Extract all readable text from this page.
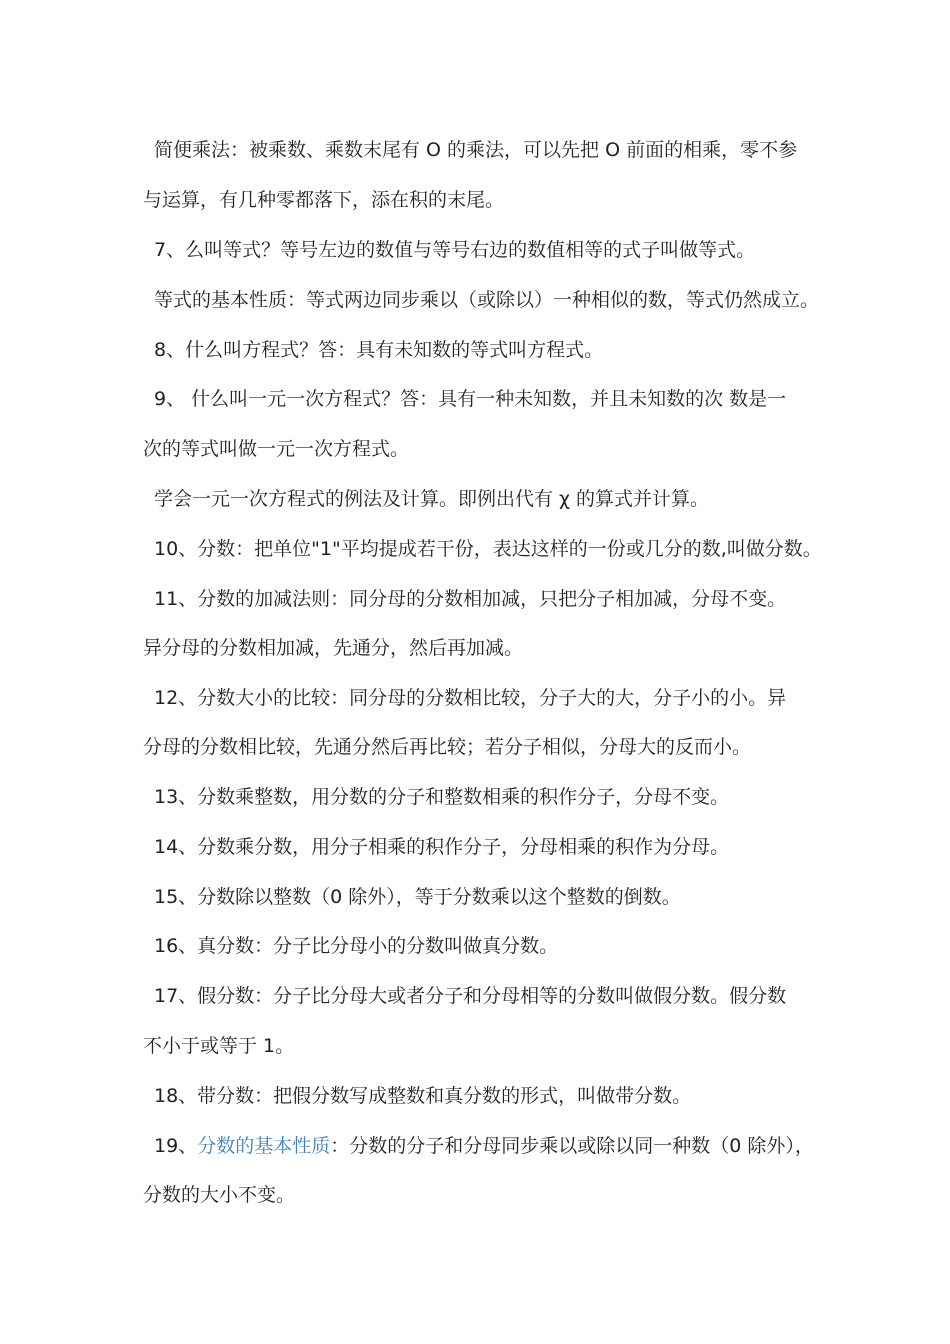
简便乘法：被乘数、乘数末尾有 O 的乘法，可以先把 O 前面的相乘，零不参
与运算，有几种零都落下，添在积的末尾。
7、么叫等式？等号左边的数值与等号右边的数值相等的式子叫做等式。
等式的基本性质：等式两边同步乘以（或除以）一种相似的数，等式仍然成立。
8、什么叫方程式？答：具有未知数的等式叫方程式。
9、 什么叫一元一次方程式？答：具有一种未知数，并且未知数的次 数是一
次的等式叫做一元一次方程式。
学会一元一次方程式的例法及计算。即例出代有 χ 的算式并计算。
10、分数：把单位"1"平均提成若干份，表达这样的一份或几分的数,叫做分数。
11、分数的加减法则：同分母的分数相加减，只把分子相加减，分母不变。
异分母的分数相加减，先通分，然后再加减。
12、分数大小的比较：同分母的分数相比较，分子大的大，分子小的小。异
分母的分数相比较，先通分然后再比较；若分子相似，分母大的反而小。
13、分数乘整数，用分数的分子和整数相乘的积作分子，分母不变。
14、分数乘分数，用分子相乘的积作分子，分母相乘的积作为分母。
15、分数除以整数（0 除外），等于分数乘以这个整数的倒数。
16、真分数：分子比分母小的分数叫做真分数。
17、假分数：分子比分母大或者分子和分母相等的分数叫做假分数。假分数
不小于或等于 1。
18、带分数：把假分数写成整数和真分数的形式，叫做带分数。
19、分数的基本性质：分数的分子和分母同步乘以或除以同一种数（0 除外），
分数的大小不变。
